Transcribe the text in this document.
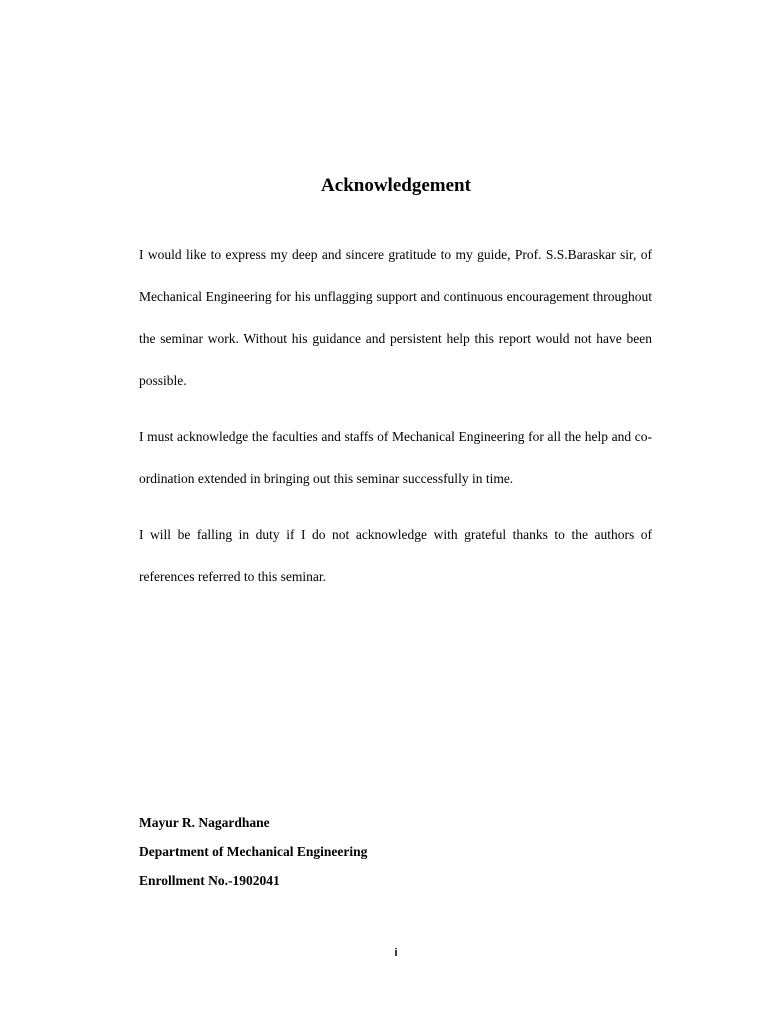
Acknowledgement

I would like to express my deep and sincere gratitude to my guide, Prof. S.S.Baraskar sir, of Mechanical Engineering for his unflagging support and continuous encouragement throughout the seminar work. Without his guidance and persistent help this report would not have been possible.

I must acknowledge the faculties and staffs of Mechanical Engineering for all the help and co-ordination extended in bringing out this seminar successfully in time.

I will be falling in duty if I do not acknowledge with grateful thanks to the authors of references referred to this seminar.

Mayur R. Nagardhane
Department of Mechanical Engineering
Enrollment No.-1902041
i
